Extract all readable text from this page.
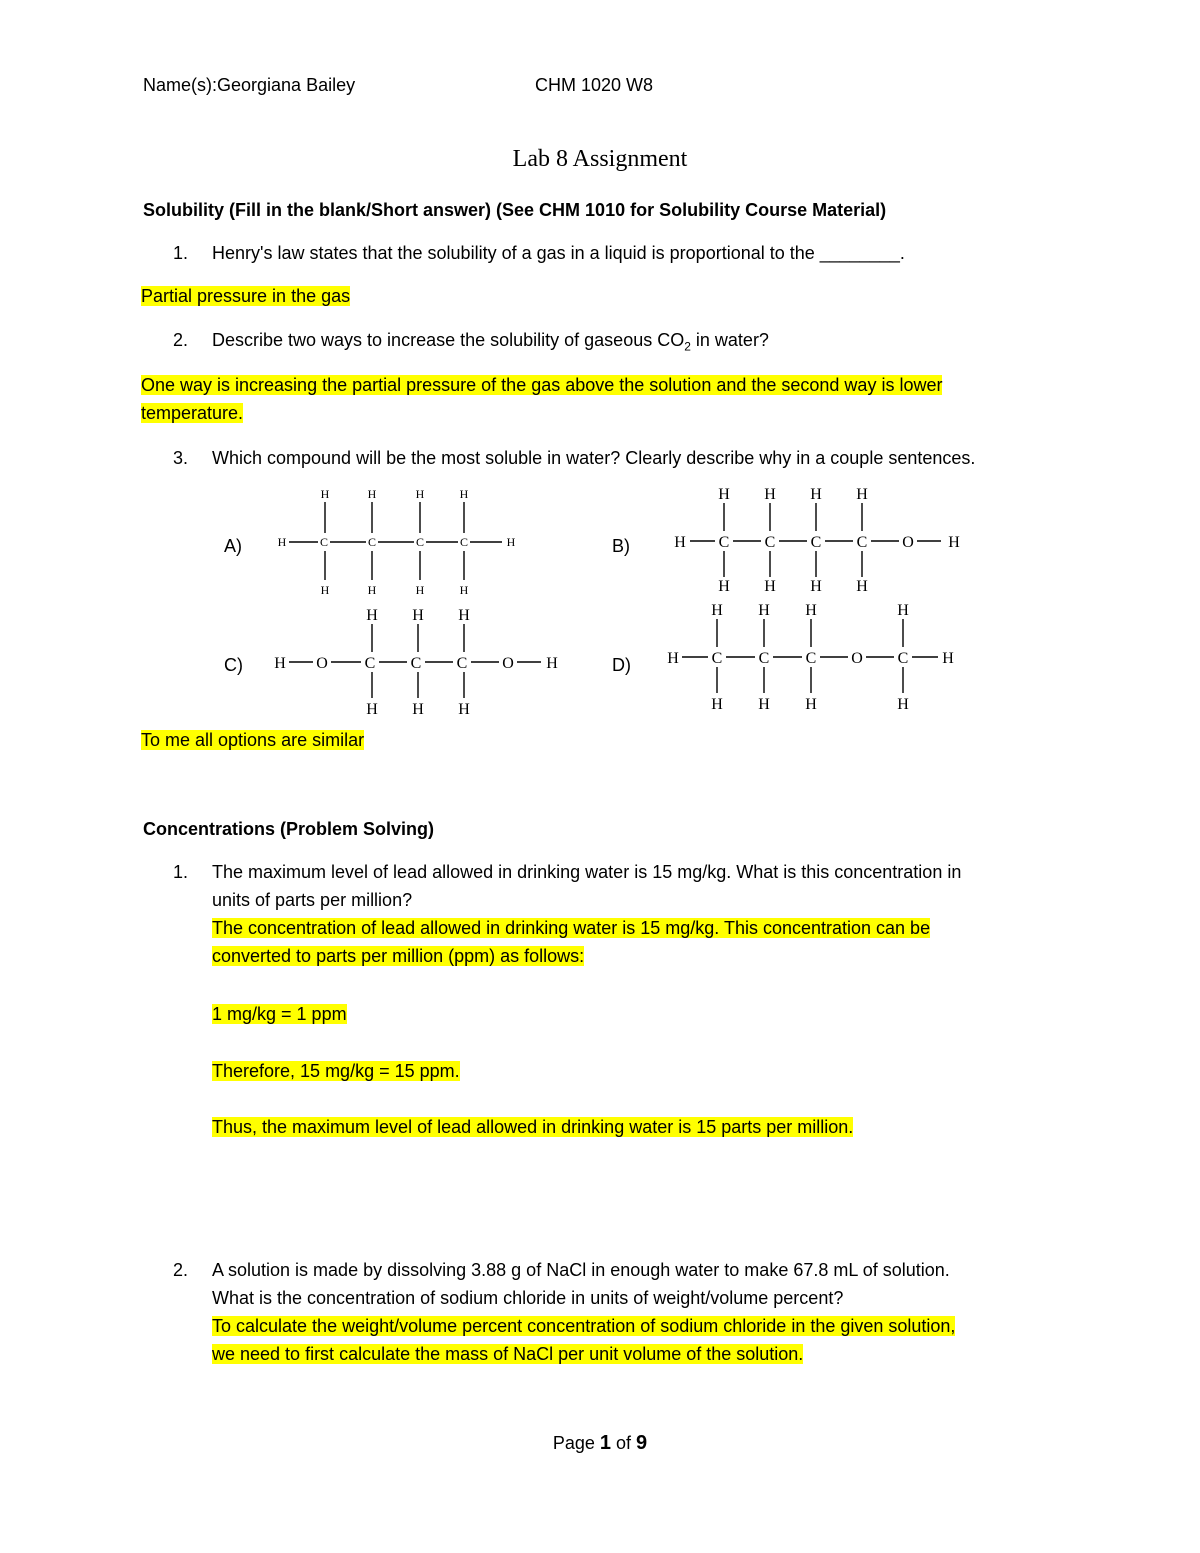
Name(s):Georgiana Bailey	CHM 1020 W8
Lab 8 Assignment
Solubility (Fill in the blank/Short answer) (See CHM 1010 for Solubility Course Material)
1. Henry's law states that the solubility of a gas in a liquid is proportional to the ________.
Partial pressure in the gas
2. Describe two ways to increase the solubility of gaseous $CO_2$ in water?
One way is increasing the partial pressure of the gas above the solution and the second way is lower
temperature.
3. Which compound will be the most soluble in water? Clearly describe why in a couple sentences.
A)	B)
C)	D)
H	H	H	H
H	C	C	C	C	H
H	H	H	H
H H H H
H C C C C O H
H H H H
H H H
H O C C C O H
H H H
H H H	H
H C C C O C H
H H H	H
To me all options are similar
Concentrations (Problem Solving)
1. The maximum level of lead allowed in drinking water is 15 mg/kg. What is this concentration in
units of parts per million?
The concentration of lead allowed in drinking water is 15 mg/kg. This concentration can be
converted to parts per million (ppm) as follows:
1 mg/kg = 1 ppm
Therefore, 15 mg/kg = 15 ppm.
Thus, the maximum level of lead allowed in drinking water is 15 parts per million.
2. A solution is made by dissolving 3.88 g of NaCl in enough water to make 67.8 mL of solution.
What is the concentration of sodium chloride in units of weight/volume percent?
To calculate the weight/volume percent concentration of sodium chloride in the given solution,
we need to first calculate the mass of NaCl per unit volume of the solution.
Page 1 of 9
